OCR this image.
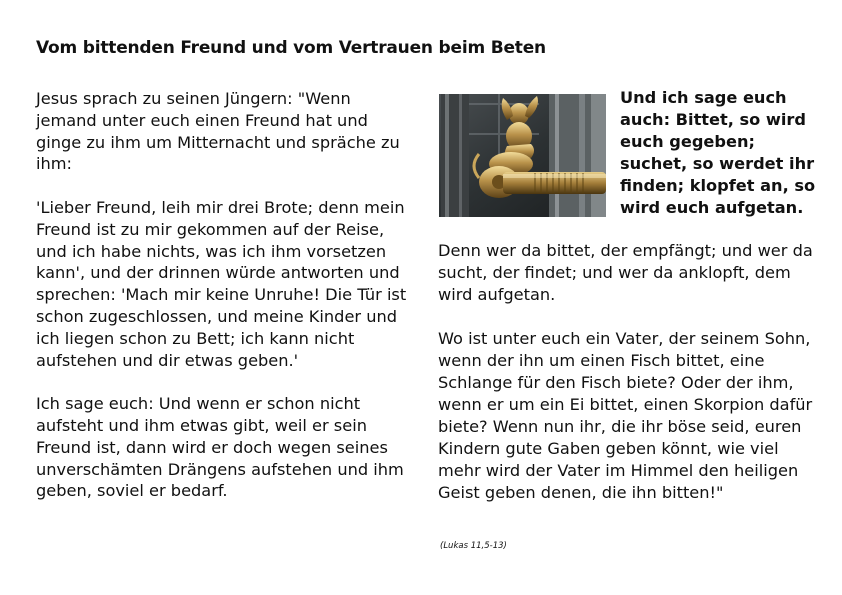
Vom bittenden Freund und vom Vertrauen beim Beten

Jesus sprach zu seinen Jüngern: "Wenn jemand unter euch einen Freund hat und ginge zu ihm um Mitternacht und spräche zu ihm:

'Lieber Freund, leih mir drei Brote; denn mein Freund ist zu mir gekommen auf der Reise, und ich habe nichts, was ich ihm vorsetzen kann', und der drinnen würde antworten und sprechen: 'Mach mir keine Unruhe! Die Tür ist schon zugeschlossen, und meine Kinder und ich liegen schon zu Bett; ich kann nicht aufstehen und dir etwas geben.'

Ich sage euch: Und wenn er schon nicht aufsteht und ihm etwas gibt, weil er sein Freund ist, dann wird er doch wegen seines unverschämten Drängens aufstehen und ihm geben, soviel er bedarf.

Und ich sage euch auch: Bittet, so wird euch gegeben; suchet, so werdet ihr finden; klopfet an, so wird euch aufgetan.

Denn wer da bittet, der empfängt; und wer da sucht, der findet; und wer da anklopft, dem wird aufgetan.

Wo ist unter euch ein Vater, der seinem Sohn, wenn der ihn um einen Fisch bittet, eine Schlange für den Fisch biete? Oder der ihm, wenn er um ein Ei bittet, einen Skorpion dafür biete? Wenn nun ihr, die ihr böse seid, euren Kindern gute Gaben geben könnt, wie viel mehr wird der Vater im Himmel den heiligen Geist geben denen, die ihn bitten!"

(Lukas 11,5-13)
